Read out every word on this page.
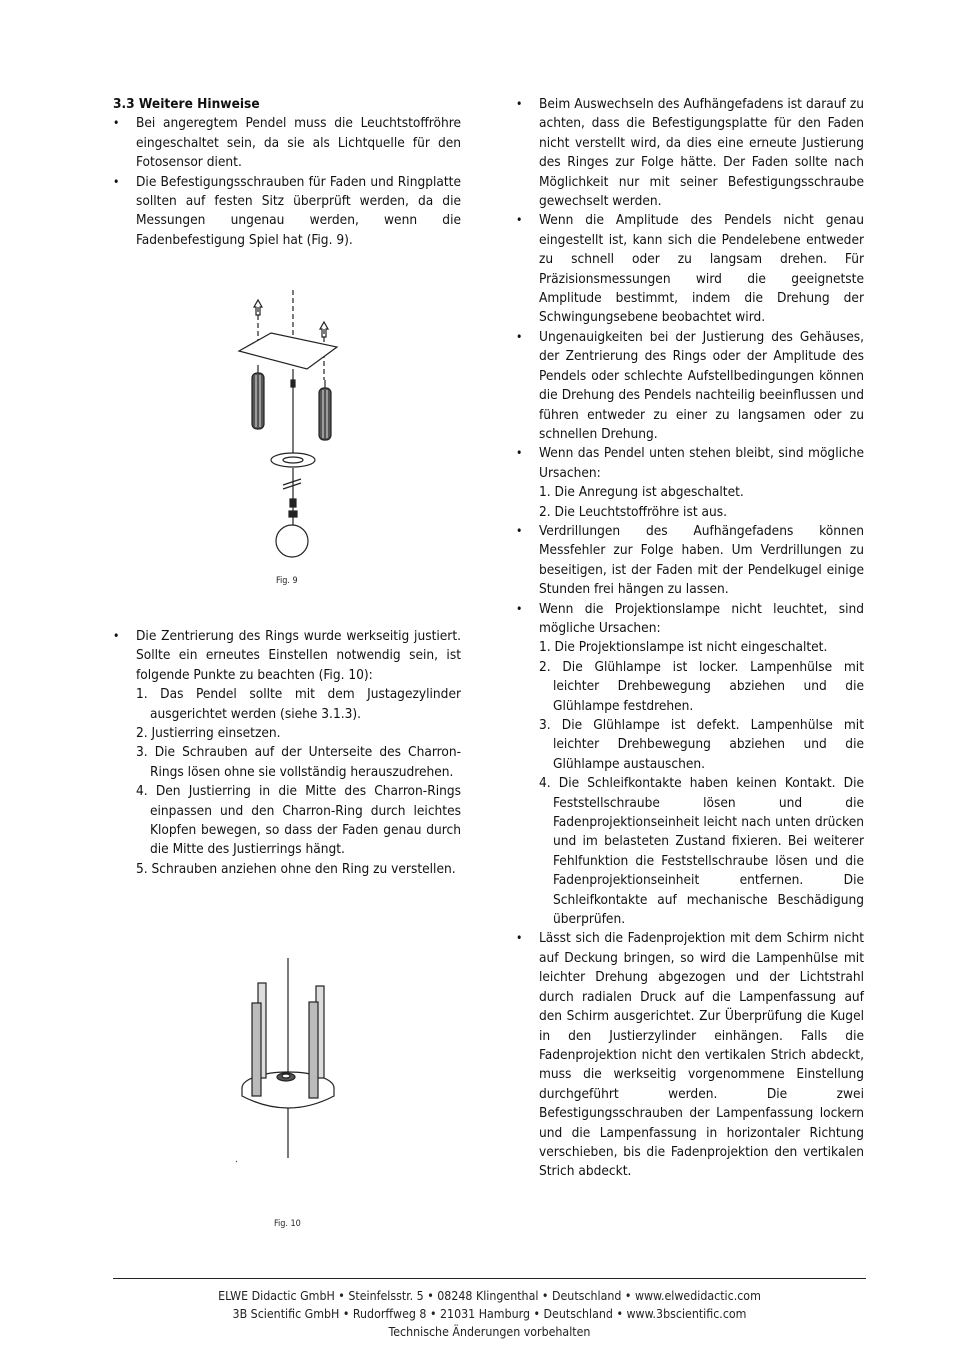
3.3 Weitere Hinweise

• Bei angeregtem Pendel muss die Leuchtstoffröhre eingeschaltet sein, da sie als Lichtquelle für den Fotosensor dient.
• Die Befestigungsschrauben für Faden und Ringplatte sollten auf festen Sitz überprüft werden, da die Messungen ungenau werden, wenn die Fadenbefestigung Spiel hat (Fig. 9).
Fig. 9
• Die Zentrierung des Rings wurde werkseitig justiert. Sollte ein erneutes Einstellen notwendig sein, ist folgende Punkte zu beachten (Fig. 10):
1. Das Pendel sollte mit dem Justagezylinder ausgerichtet werden (siehe 3.1.3).
2. Justierring einsetzen.
3. Die Schrauben auf der Unterseite des Charron-Rings lösen ohne sie vollständig herauszudrehen.
4. Den Justierring in die Mitte des Charron-Rings einpassen und den Charron-Ring durch leichtes Klopfen bewegen, so dass der Faden genau durch die Mitte des Justierrings hängt.
5. Schrauben anziehen ohne den Ring zu verstellen.
Fig. 10
• Beim Auswechseln des Aufhängefadens ist darauf zu achten, dass die Befestigungsplatte für den Faden nicht verstellt wird, da dies eine erneute Justierung des Ringes zur Folge hätte. Der Faden sollte nach Möglichkeit nur mit seiner Befestigungsschraube gewechselt werden.
• Wenn die Amplitude des Pendels nicht genau eingestellt ist, kann sich die Pendelebene entweder zu schnell oder zu langsam drehen. Für Präzisionsmessungen wird die geeignetste Amplitude bestimmt, indem die Drehung der Schwingungsebene beobachtet wird.
• Ungenauigkeiten bei der Justierung des Gehäuses, der Zentrierung des Rings oder der Amplitude des Pendels oder schlechte Aufstellbedingungen können die Drehung des Pendels nachteilig beeinflussen und führen entweder zu einer zu langsamen oder zu schnellen Drehung.
• Wenn das Pendel unten stehen bleibt, sind mögliche Ursachen:
1. Die Anregung ist abgeschaltet.
2. Die Leuchtstoffröhre ist aus.
• Verdrillungen des Aufhängefadens können Messfehler zur Folge haben. Um Verdrillungen zu beseitigen, ist der Faden mit der Pendelkugel einige Stunden frei hängen zu lassen.
• Wenn die Projektionslampe nicht leuchtet, sind mögliche Ursachen:
1. Die Projektionslampe ist nicht eingeschaltet.
2. Die Glühlampe ist locker. Lampenhülse mit leichter Drehbewegung abziehen und die Glühlampe festdrehen.
3. Die Glühlampe ist defekt. Lampenhülse mit leichter Drehbewegung abziehen und die Glühlampe austauschen.
4. Die Schleifkontakte haben keinen Kontakt. Die Feststellschraube lösen und die Fadenprojektionseinheit leicht nach unten drücken und im belasteten Zustand fixieren. Bei weiterer Fehlfunktion die Feststellschraube lösen und die Fadenprojektionseinheit entfernen. Die Schleifkontakte auf mechanische Beschädigung überprüfen.
• Lässt sich die Fadenprojektion mit dem Schirm nicht auf Deckung bringen, so wird die Lampenhülse mit leichter Drehung abgezogen und der Lichtstrahl durch radialen Druck auf die Lampenfassung auf den Schirm ausgerichtet. Zur Überprüfung die Kugel in den Justierzylinder einhängen. Falls die Fadenprojektion nicht den vertikalen Strich abdeckt, muss die werkseitig vorgenommene Einstellung durchgeführt werden. Die zwei Befestigungsschrauben der Lampenfassung lockern und die Lampenfassung in horizontaler Richtung verschieben, bis die Fadenprojektion den vertikalen Strich abdeckt.
ELWE Didactic GmbH • Steinfelsstr. 5 • 08248 Klingenthal • Deutschland • www.elwedidactic.com
3B Scientific GmbH • Rudorffweg 8 • 21031 Hamburg • Deutschland • www.3bscientific.com
Technische Änderungen vorbehalten
